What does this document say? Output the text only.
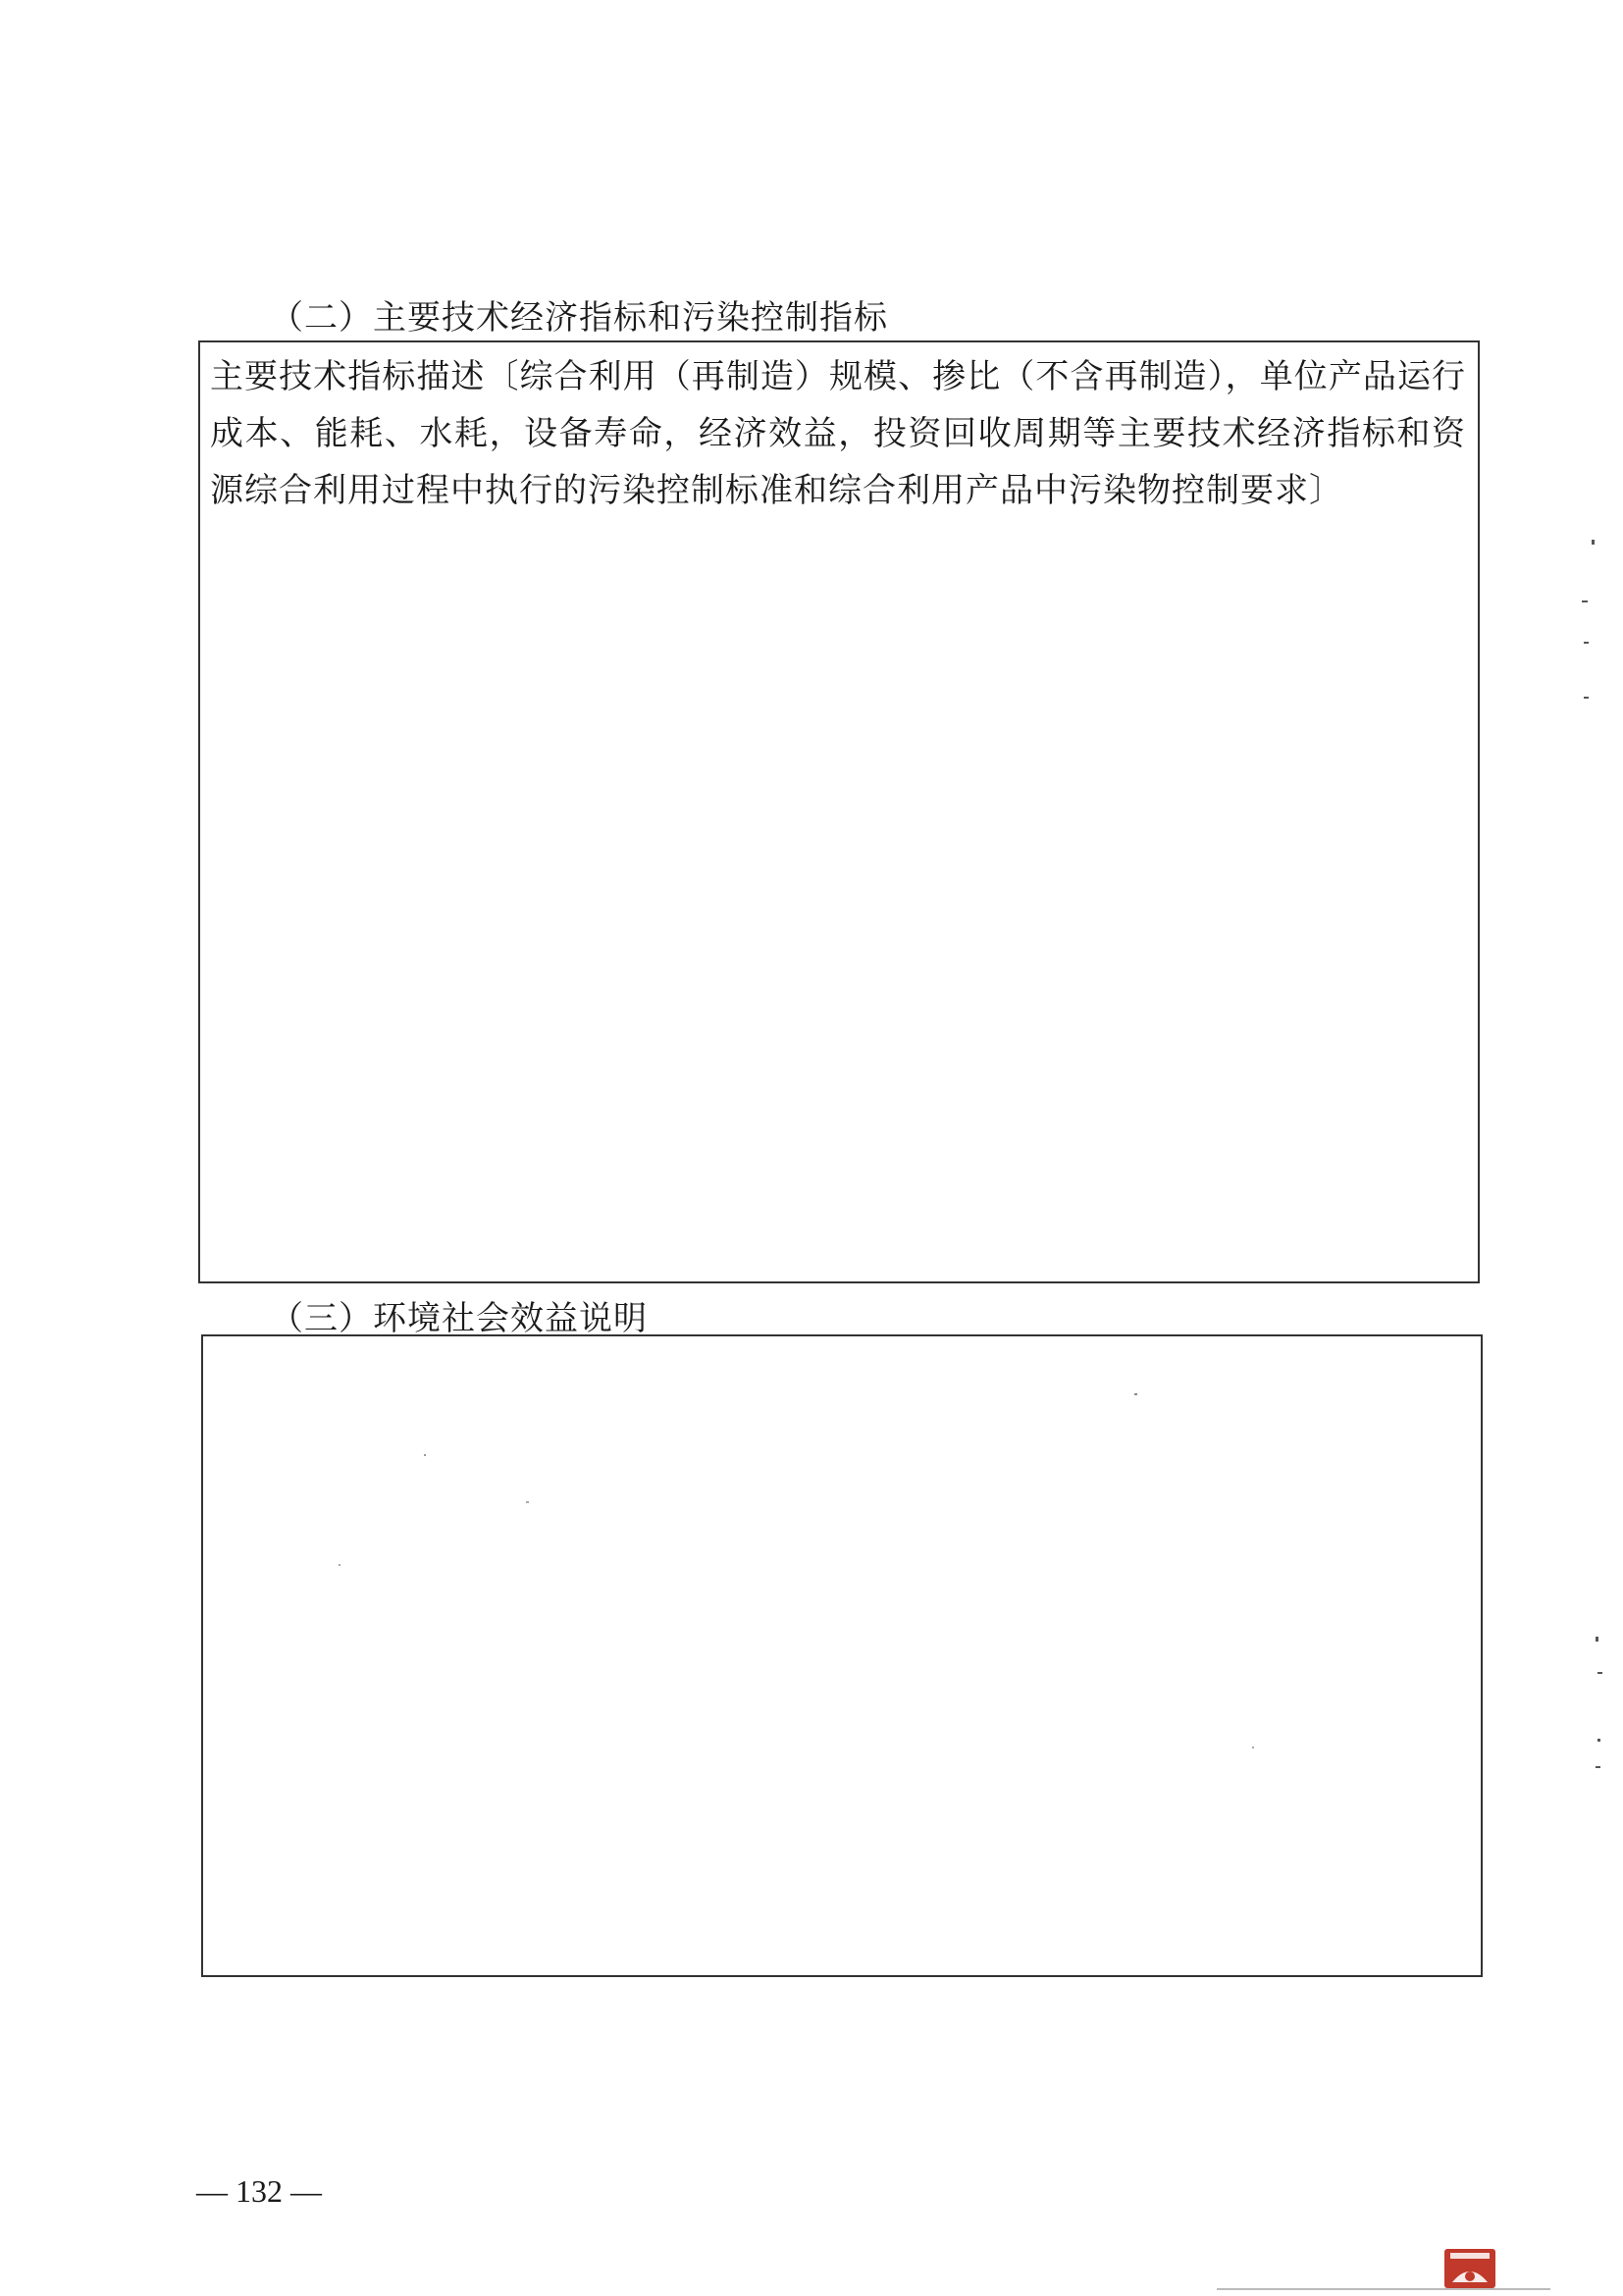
（二）主要技术经济指标和污染控制指标
主要技术指标描述〔综合利用（再制造）规模、掺比（不含再制造），单位产品运行成本、能耗、水耗，设备寿命，经济效益，投资回收周期等主要技术经济指标和资源综合利用过程中执行的污染控制标准和综合利用产品中污染物控制要求〕
（三）环境社会效益说明
— 132 —
